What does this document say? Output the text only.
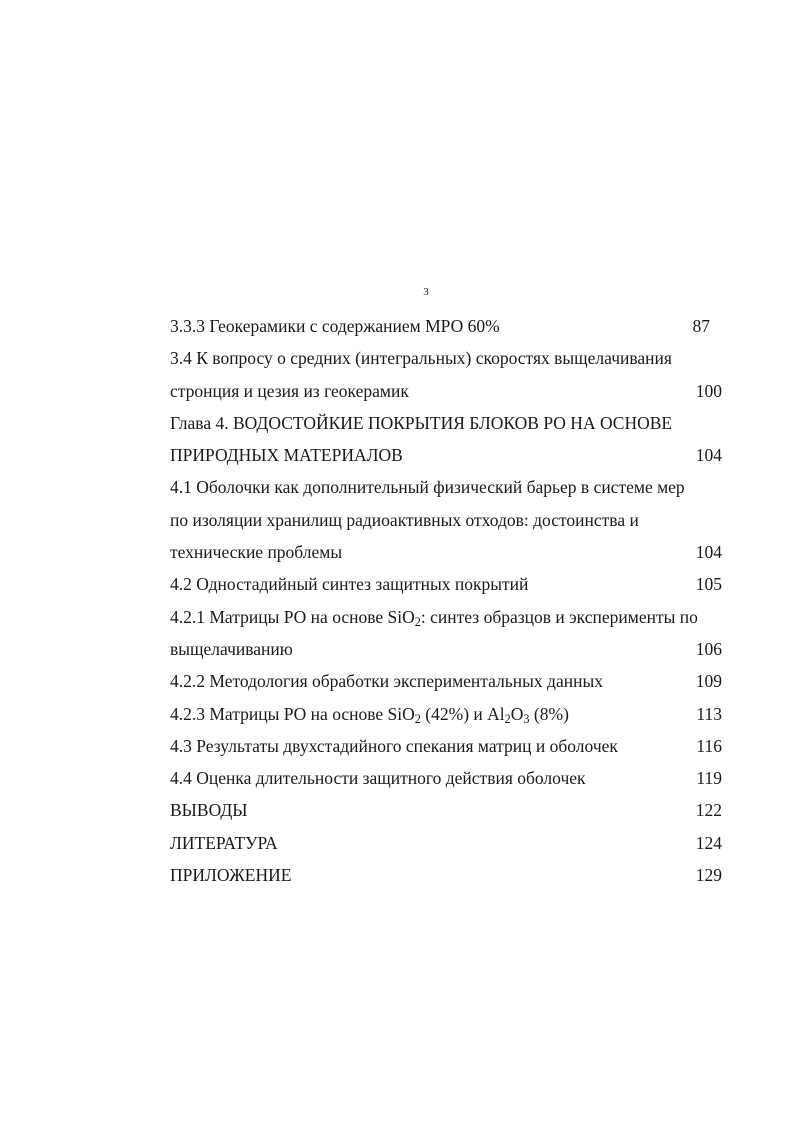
3
3.3.3 Геокерамики с содержанием МРО 60%	87
3.4 К вопросу о средних (интегральных) скоростях выщелачивания
стронция и цезия из геокерамик	100
Глава 4. ВОДОСТОЙКИЕ ПОКРЫТИЯ БЛОКОВ РО НА ОСНОВЕ
ПРИРОДНЫХ МАТЕРИАЛОВ	104
4.1 Оболочки как дополнительный физический барьер в системе мер
по изоляции хранилищ радиоактивных отходов: достоинства и
технические проблемы	104
4.2 Одностадийный синтез защитных покрытий	105
4.2.1 Матрицы РО на основе SiO$_2$: синтез образцов и эксперименты по
выщелачиванию	106
4.2.2 Методология обработки экспериментальных данных	109
4.2.3 Матрицы РО на основе SiO$_2$ (42%) и $Al_2O_3$ (8%)	113
4.3 Результаты двухстадийного спекания матриц и оболочек	116
4.4 Оценка длительности защитного действия оболочек	119
ВЫВОДЫ	122
ЛИТЕРАТУРА	124
ПРИЛОЖЕНИЕ	129
